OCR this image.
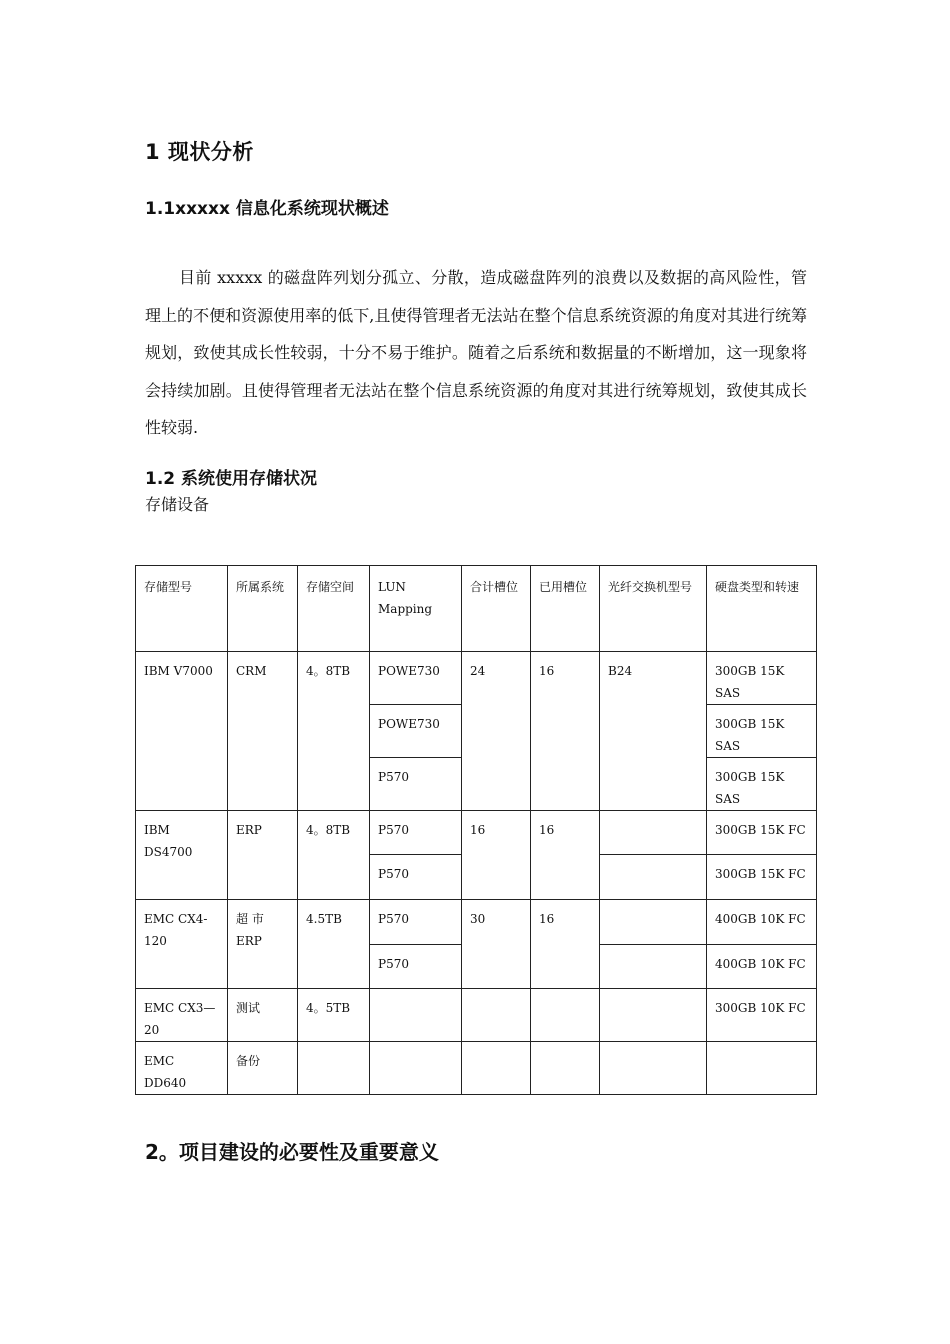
1 现状分析
1.1xxxxx 信息化系统现状概述
目前 xxxxx 的磁盘阵列划分孤立、分散，造成磁盘阵列的浪费以及数据的高风险性，管理上的不便和资源使用率的低下,且使得管理者无法站在整个信息系统资源的角度对其进行统筹规划，致使其成长性较弱，十分不易于维护。随着之后系统和数据量的不断增加，这一现象将会持续加剧。且使得管理者无法站在整个信息系统资源的角度对其进行统筹规划，致使其成长性较弱.
1.2 系统使用存储状况
存储设备
存储型号	所属系统	存储空间	LUN Mapping	合计槽位	已用槽位	光纤交换机型号	硬盘类型和转速
IBM V7000	CRM	4。8TB	POWE730	24	16	B24	300GB 15K SAS
			POWE730				300GB 15K SAS
			P570				300GB 15K SAS
IBM DS4700	ERP	4。8TB	P570	16	16		300GB 15K FC
			P570				300GB 15K FC
EMC CX4-120	超 市 ERP	4.5TB	P570	30	16		400GB 10K FC
			P570				400GB 10K FC
EMC CX3—20	测试	4。5TB					300GB 10K FC
EMC DD640	备份						
2。项目建设的必要性及重要意义
